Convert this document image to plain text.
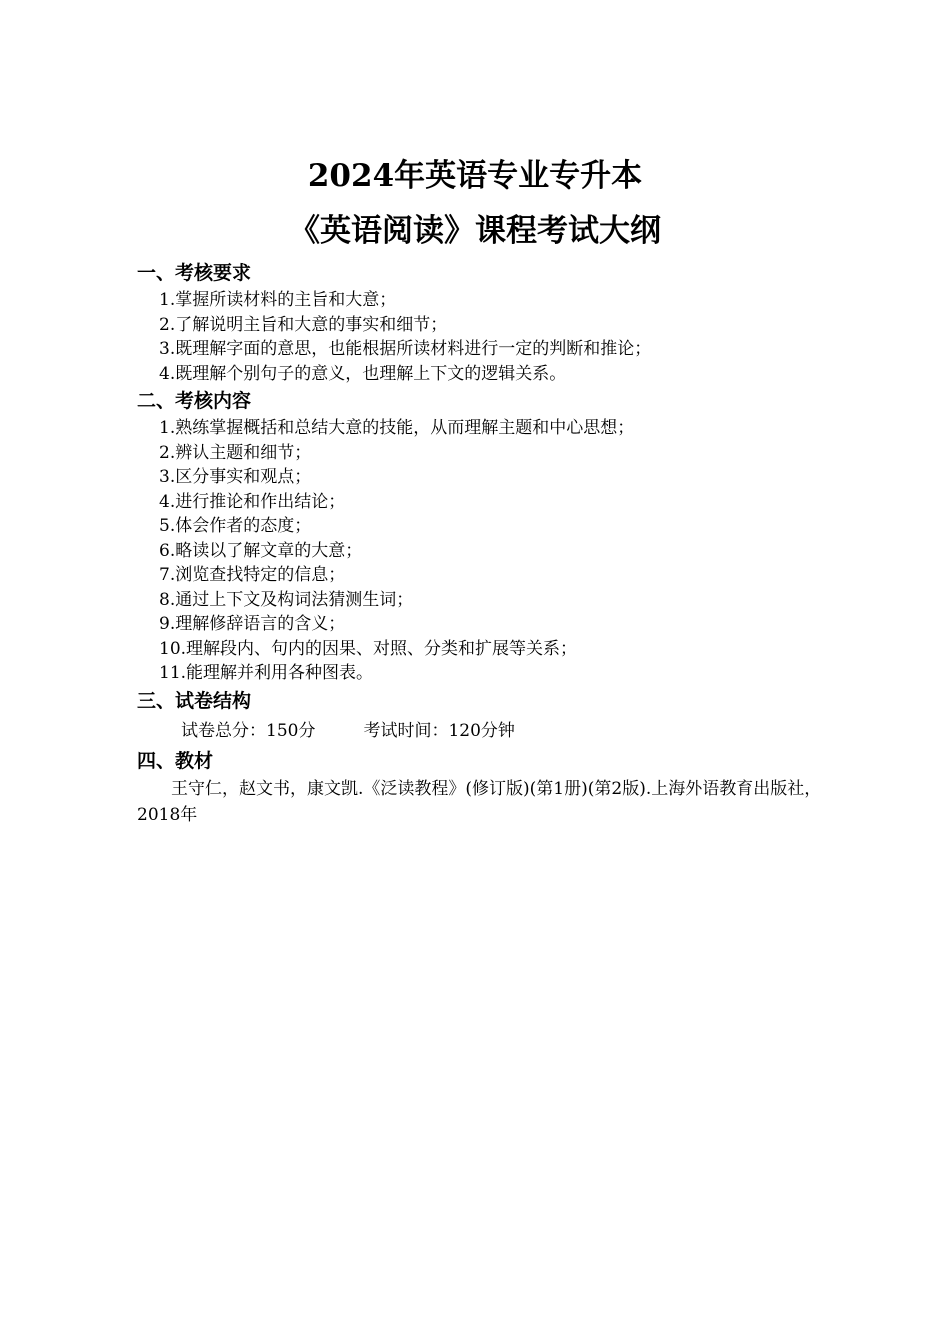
2024年英语专业专升本
《英语阅读》课程考试大纲
一、考核要求
1.掌握所读材料的主旨和大意；
2.了解说明主旨和大意的事实和细节；
3.既理解字面的意思，也能根据所读材料进行一定的判断和推论；
4.既理解个别句子的意义，也理解上下文的逻辑关系。
二、考核内容
1.熟练掌握概括和总结大意的技能，从而理解主题和中心思想；
2.辨认主题和细节；
3.区分事实和观点；
4.进行推论和作出结论；
5.体会作者的态度；
6.略读以了解文章的大意；
7.浏览查找特定的信息；
8.通过上下文及构词法猜测生词；
9.理解修辞语言的含义；
10.理解段内、句内的因果、对照、分类和扩展等关系；
11.能理解并利用各种图表。
三、试卷结构
试卷总分：150分	考试时间：120分钟
四、教材

王守仁，赵文书，康文凯.《泛读教程》(修订版)(第1册)(第2版).上海外语教育出版社，2018年
